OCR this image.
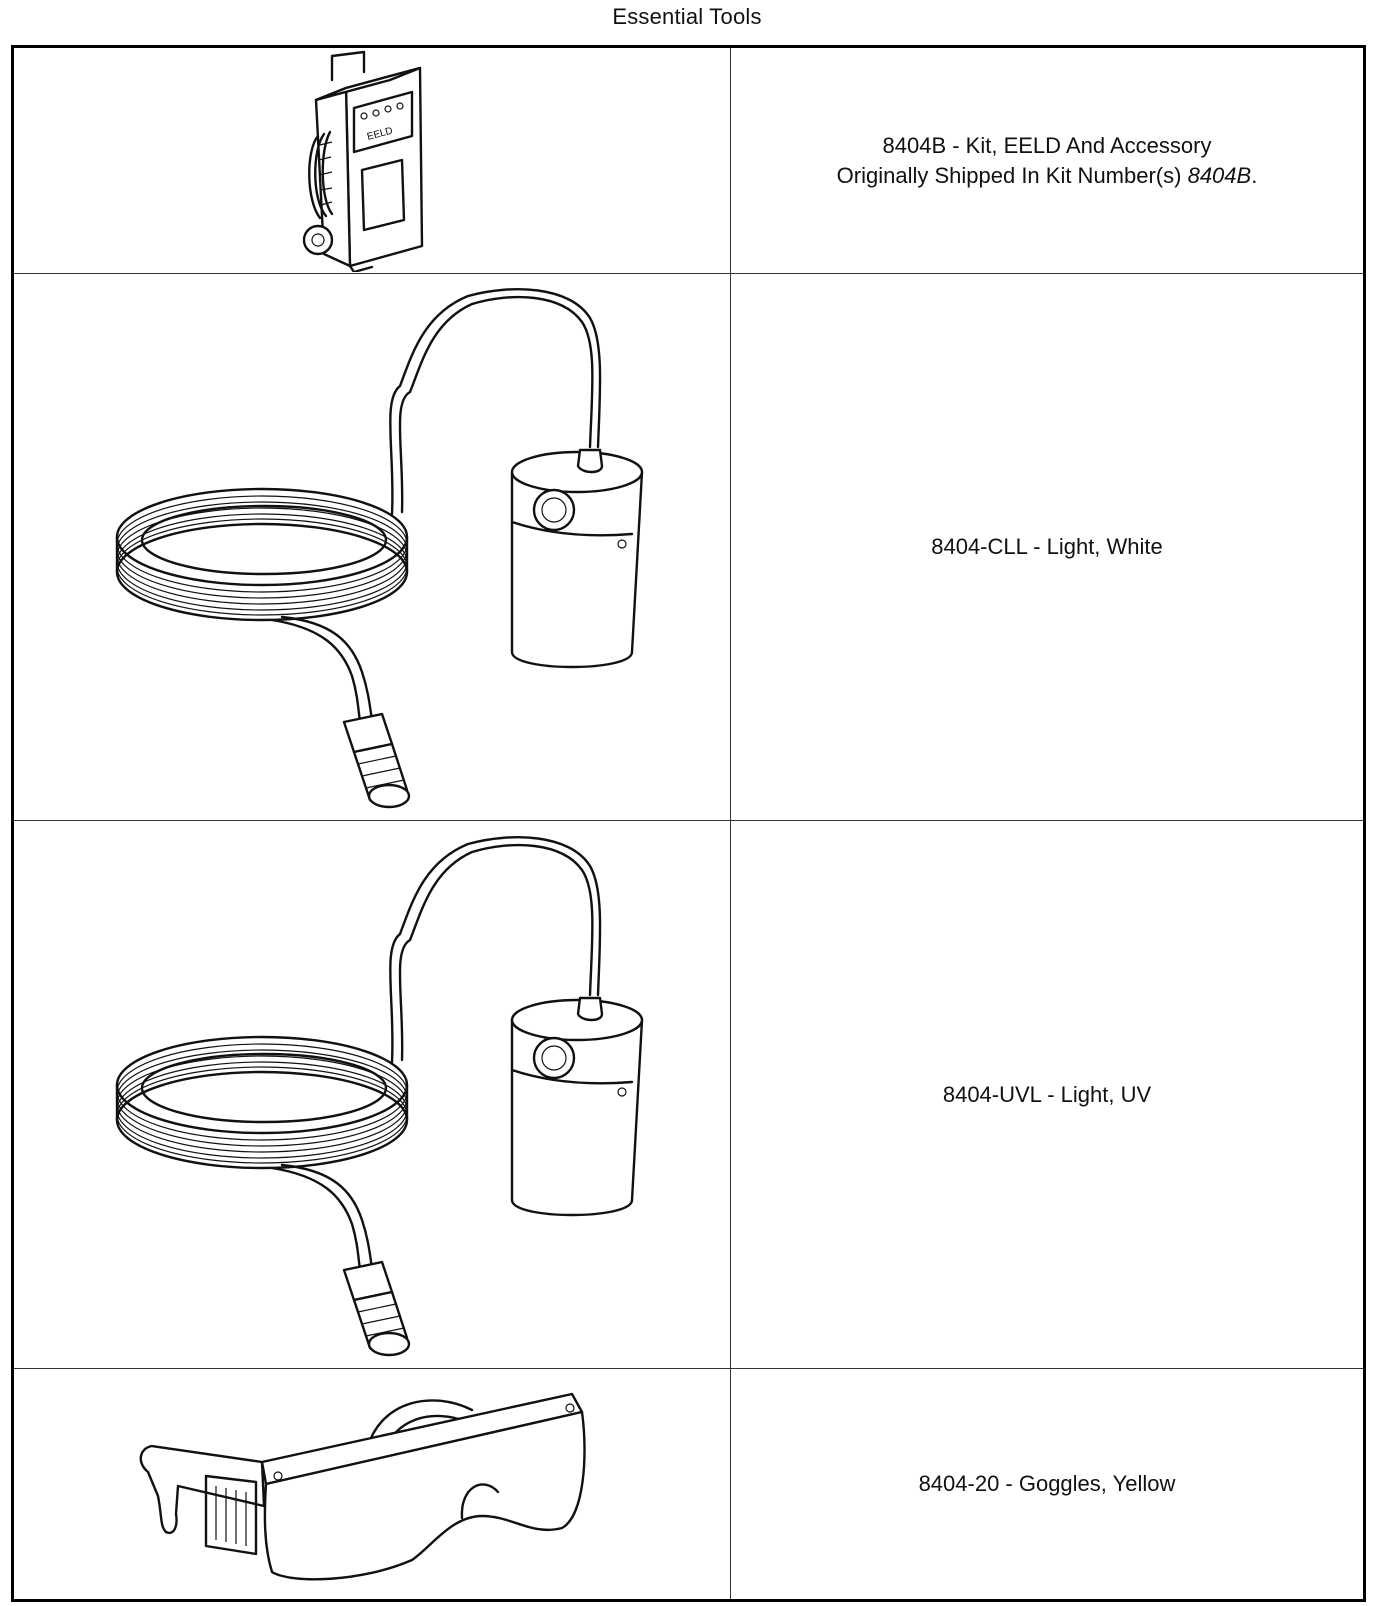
Essential Tools
EELD	8404B - Kit, EELD And Accessory
Originally Shipped In Kit Number(s) 8404B.

8404-CLL - Light, White

8404-UVL - Light, UV

8404-20 - Goggles, Yellow
